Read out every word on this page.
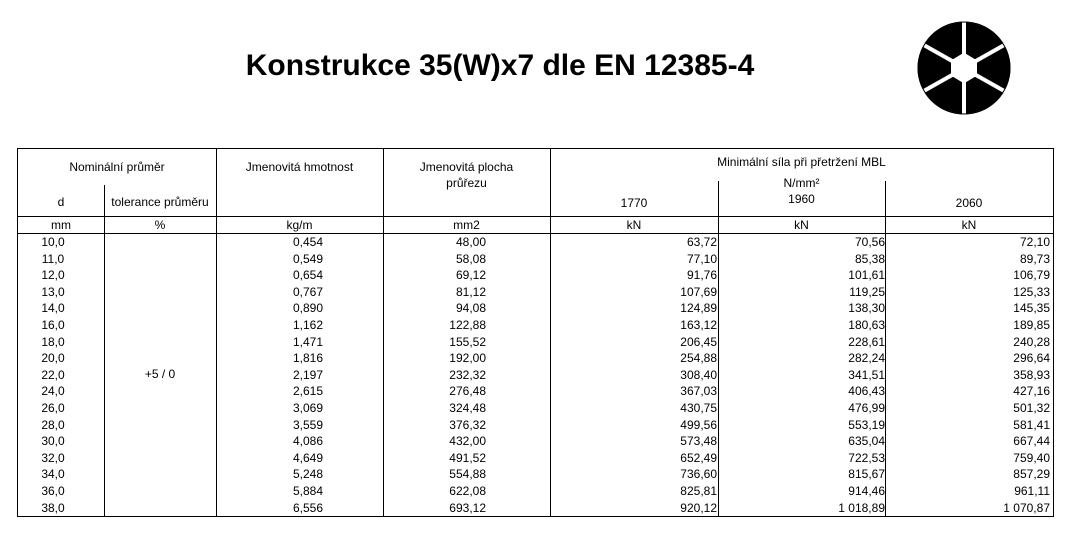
Konstrukce 35(W)x7 dle EN 12385-4
Nominální průměr
d	tolerance průměru
Jmenovitá hmotnost	Jmenovitá plocha
průřezu
Minimální síla při přetržení MBL
N/mm²
1770	1960	2060
mm	%	kg/m	mm2	kN	kN	kN
+5 / 0
10,0	0,454	48,00	63,72	70,56	72,10
11,0	0,549	58,08	77,10	85,38	89,73
12,0	0,654	69,12	91,76	101,61	106,79
13,0	0,767	81,12	107,69	119,25	125,33
14,0	0,890	94,08	124,89	138,30	145,35
16,0	1,162	122,88	163,12	180,63	189,85
18,0	1,471	155,52	206,45	228,61	240,28
20,0	1,816	192,00	254,88	282,24	296,64
22,0	2,197	232,32	308,40	341,51	358,93
24,0	2,615	276,48	367,03	406,43	427,16
26,0	3,069	324,48	430,75	476,99	501,32
28,0	3,559	376,32	499,56	553,19	581,41
30,0	4,086	432,00	573,48	635,04	667,44
32,0	4,649	491,52	652,49	722,53	759,40
34,0	5,248	554,88	736,60	815,67	857,29
36,0	5,884	622,08	825,81	914,46	961,11
38,0	6,556	693,12	920,12	1 018,89	1 070,87
